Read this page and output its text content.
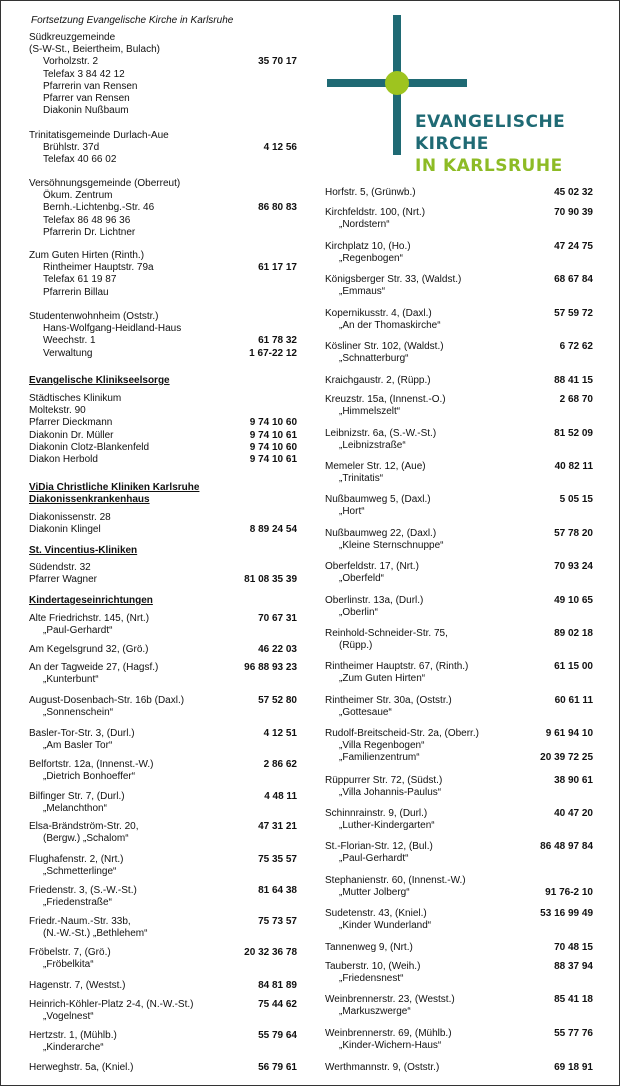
Fortsetzung Evangelische Kirche in Karlsruhe
EVANGELISCHE
KIRCHE
IN KARLSRUHE
Südkreuzgemeinde
(S-W-St., Beiertheim, Bulach)
Vorholzstr. 2	35 70 17
Telefax 3 84 42 12
Pfarrerin van Rensen
Pfarrer van Rensen
Diakonin Nußbaum
Trinitatisgemeinde Durlach-Aue
Brühlstr. 37d	4 12 56
Telefax 40 66 02
Versöhnungsgemeinde (Oberreut)
Ökum. Zentrum
Bernh.-Lichtenbg.-Str. 46	86 80 83
Telefax 86 48 96 36
Pfarrerin Dr. Lichtner
Zum Guten Hirten (Rinth.)
Rintheimer Hauptstr. 79a	61 17 17
Telefax 61 19 87
Pfarrerin Billau
Studentenwohnheim (Oststr.)
Hans-Wolfgang-Heidland-Haus
Weechstr. 1	61 78 32
Verwaltung	1 67-22 12
Evangelische Klinikseelsorge
Städtisches Klinikum
Moltekstr. 90
Pfarrer Dieckmann	9 74 10 60
Diakonin Dr. Müller	9 74 10 61
Diakonin Clotz-Blankenfeld	9 74 10 60
Diakon Herbold	9 74 10 61
ViDia Christliche Kliniken Karlsruhe
Diakonissenkrankenhaus
Diakonissenstr. 28
Diakonin Klingel	8 89 24 54
St. Vincentius-Kliniken
Südendstr. 32
Pfarrer Wagner	81 08 35 39
Kindertageseinrichtungen
Alte Friedrichstr. 145, (Nrt.)	70 67 31
„Paul-Gerhardt“
Am Kegelsgrund 32, (Grö.)	46 22 03
An der Tagweide 27, (Hagsf.)	96 88 93 23
„Kunterbunt“
August-Dosenbach-Str. 16b (Daxl.)	57 52 80
„Sonnenschein“
Basler-Tor-Str. 3, (Durl.)	4 12 51
„Am Basler Tor“
Belfortstr. 12a, (Innenst.-W.)	2 86 62
„Dietrich Bonhoeffer“
Bilfinger Str. 7, (Durl.)	4 48 11
„Melanchthon“
Elsa-Brändström-Str. 20,	47 31 21
(Bergw.) „Schalom“
Flughafenstr. 2, (Nrt.)	75 35 57
„Schmetterlinge“
Friedenstr. 3, (S.-W.-St.)	81 64 38
„Friedenstraße“
Friedr.-Naum.-Str. 33b,	75 73 57
(N.-W.-St.) „Bethlehem“
Fröbelstr. 7, (Grö.)	20 32 36 78
„Fröbelkita“
Hagenstr. 7, (Westst.)	84 81 89
Heinrich-Köhler-Platz 2-4, (N.-W.-St.)	75 44 62
„Vogelnest“
Hertzstr. 1, (Mühlb.)	55 79 64
„Kinderarche“
Herweghstr. 5a, (Kniel.)	56 79 61
Horfstr. 5, (Grünwb.)	45 02 32
Kirchfeldstr. 100, (Nrt.)	70 90 39
„Nordstern“
Kirchplatz 10, (Ho.)	47 24 75
„Regenbogen“
Königsberger Str. 33, (Waldst.)	68 67 84
„Emmaus“
Kopernikusstr. 4, (Daxl.)	57 59 72
„An der Thomaskirche“
Kösliner Str. 102, (Waldst.)	6 72 62
„Schnatterburg“
Kraichgaustr. 2, (Rüpp.)	88 41 15
Kreuzstr. 15a, (Innenst.-O.)	2 68 70
„Himmelszelt“
Leibnizstr. 6a, (S.-W.-St.)	81 52 09
„Leibnizstraße“
Memeler Str. 12, (Aue)	40 82 11
„Trinitatis“
Nußbaumweg 5, (Daxl.)	5 05 15
„Hort“
Nußbaumweg 22, (Daxl.)	57 78 20
„Kleine Sternschnuppe“
Oberfeldstr. 17, (Nrt.)	70 93 24
„Oberfeld“
Oberlinstr. 13a, (Durl.)	49 10 65
„Oberlin“
Reinhold-Schneider-Str. 75,	89 02 18
(Rüpp.)
Rintheimer Hauptstr. 67, (Rinth.)	61 15 00
„Zum Guten Hirten“
Rintheimer Str. 30a, (Oststr.)	60 61 11
„Gottesaue“
Rudolf-Breitscheid-Str. 2a, (Oberr.)	9 61 94 10
„Villa Regenbogen“
„Familienzentrum“	20 39 72 25
Rüppurrer Str. 72, (Südst.)	38 90 61
„Villa Johannis-Paulus“
Schinnrainstr. 9, (Durl.)	40 47 20
„Luther-Kindergarten“
St.-Florian-Str. 12, (Bul.)	86 48 97 84
„Paul-Gerhardt“
Stephanienstr. 60, (Innenst.-W.)
„Mutter Jolberg“	91 76-2 10
Sudetenstr. 43, (Kniel.)	53 16 99 49
„Kinder Wunderland“
Tannenweg 9, (Nrt.)	70 48 15
Tauberstr. 10, (Weih.)	88 37 94
„Friedensnest“
Weinbrennerstr. 23, (Westst.)	85 41 18
„Markuszwerge“
Weinbrennerstr. 69, (Mühlb.)	55 77 76
„Kinder-Wichern-Haus“
Werthmannstr. 9, (Oststr.)	69 18 91
